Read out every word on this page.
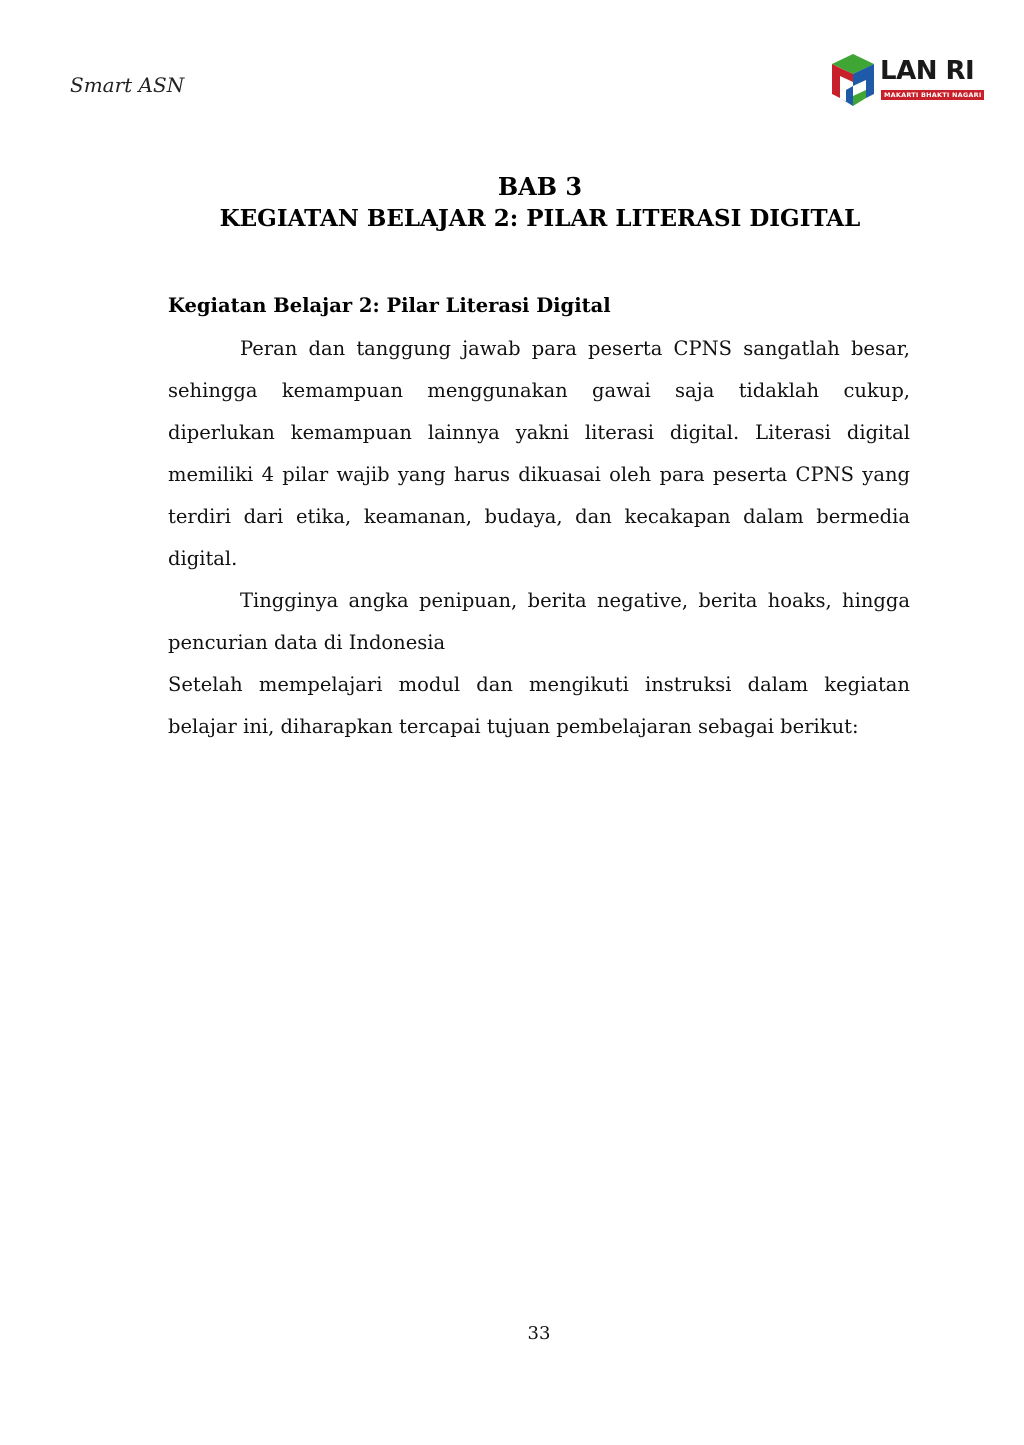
Smart ASN	LAN RI
MAKARTI BHAKTI NAGARI
BAB 3
KEGIATAN BELAJAR 2: PILAR LITERASI DIGITAL
Kegiatan Belajar 2: Pilar Literasi Digital

Peran dan tanggung jawab para peserta CPNS sangatlah besar, sehingga kemampuan menggunakan gawai saja tidaklah cukup, diperlukan kemampuan lainnya yakni literasi digital. Literasi digital memiliki 4 pilar wajib yang harus dikuasai oleh para peserta CPNS yang terdiri dari etika, keamanan, budaya, dan kecakapan dalam bermedia digital.

Tingginya angka penipuan, berita negative, berita hoaks, hingga pencurian data di Indonesia

Setelah mempelajari modul dan mengikuti instruksi dalam kegiatan belajar ini, diharapkan tercapai tujuan pembelajaran sebagai berikut:

33
